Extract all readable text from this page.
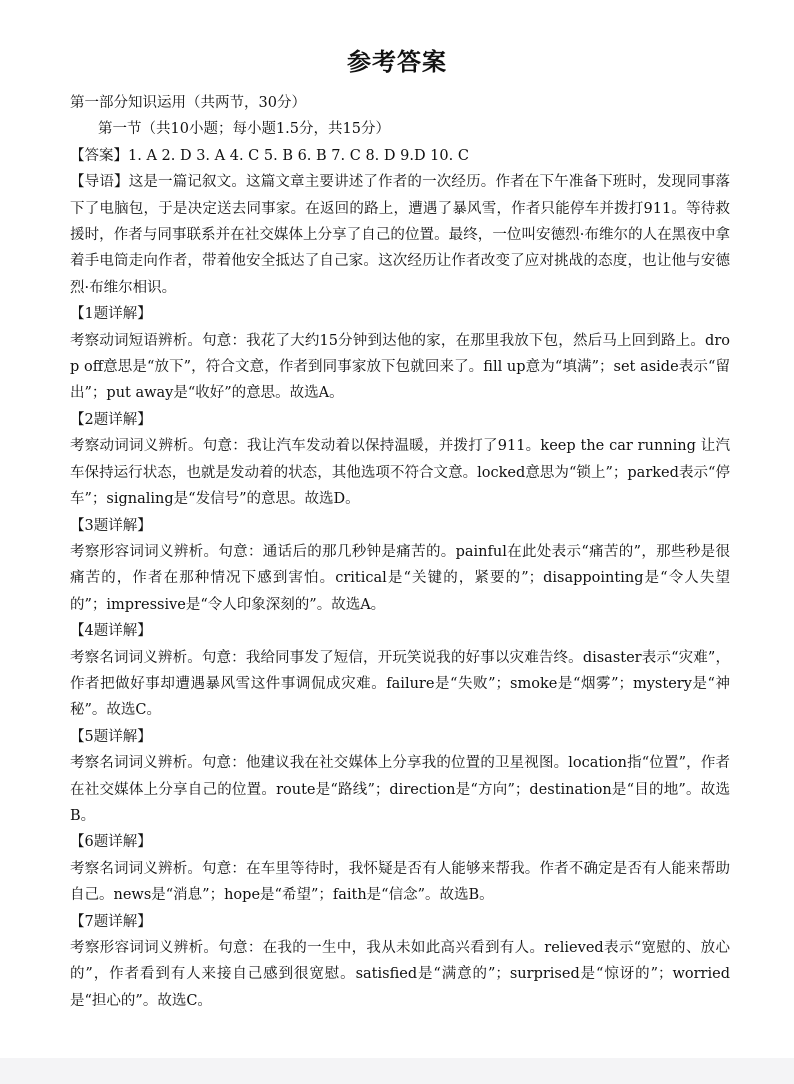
参考答案

第一部分知识运用（共两节，30分）

第一节（共10小题；每小题1.5分，共15分）

【答案】1. A 2. D 3. A 4. C 5. B 6. B 7. C 8. D 9.D 10. C

【导语】这是一篇记叙文。这篇文章主要讲述了作者的一次经历。作者在下午准备下班时，发现同事落下了电脑包，于是决定送去同事家。在返回的路上，遭遇了暴风雪，作者只能停车并拨打911。等待救援时，作者与同事联系并在社交媒体上分享了自己的位置。最终，一位叫安德烈·布维尔的人在黑夜中拿着手电筒走向作者，带着他安全抵达了自己家。这次经历让作者改变了应对挑战的态度，也让他与安德烈·布维尔相识。

【1题详解】

考察动词短语辨析。句意：我花了大约15分钟到达他的家，在那里我放下包，然后马上回到路上。drop off意思是“放下”，符合文意，作者到同事家放下包就回来了。fill up意为“填满”；set aside表示“留出”；put away是“收好”的意思。故选A。

【2题详解】

考察动词词义辨析。句意：我让汽车发动着以保持温暖，并拨打了911。keep the car running 让汽车保持运行状态，也就是发动着的状态，其他选项不符合文意。locked意思为“锁上”；parked表示“停车”；signaling是“发信号”的意思。故选D。

【3题详解】

考察形容词词义辨析。句意：通话后的那几秒钟是痛苦的。painful在此处表示“痛苦的”，那些秒是很痛苦的，作者在那种情况下感到害怕。critical是“关键的，紧要的”；disappointing是“令人失望的”；impressive是“令人印象深刻的”。故选A。

【4题详解】

考察名词词义辨析。句意：我给同事发了短信，开玩笑说我的好事以灾难告终。disaster表示“灾难”，作者把做好事却遭遇暴风雪这件事调侃成灾难。failure是“失败”；smoke是“烟雾”；mystery是“神秘”。故选C。

【5题详解】

考察名词词义辨析。句意：他建议我在社交媒体上分享我的位置的卫星视图。location指“位置”，作者在社交媒体上分享自己的位置。route是“路线”；direction是“方向”；destination是“目的地”。故选B。

【6题详解】

考察名词词义辨析。句意：在车里等待时，我怀疑是否有人能够来帮我。作者不确定是否有人能来帮助自己。news是“消息”；hope是“希望”；faith是“信念”。故选B。

【7题详解】

考察形容词词义辨析。句意：在我的一生中，我从未如此高兴看到有人。relieved表示“宽慰的、放心的”，作者看到有人来接自己感到很宽慰。satisfied是“满意的”；surprised是“惊讶的”；worried是“担心的”。故选C。
